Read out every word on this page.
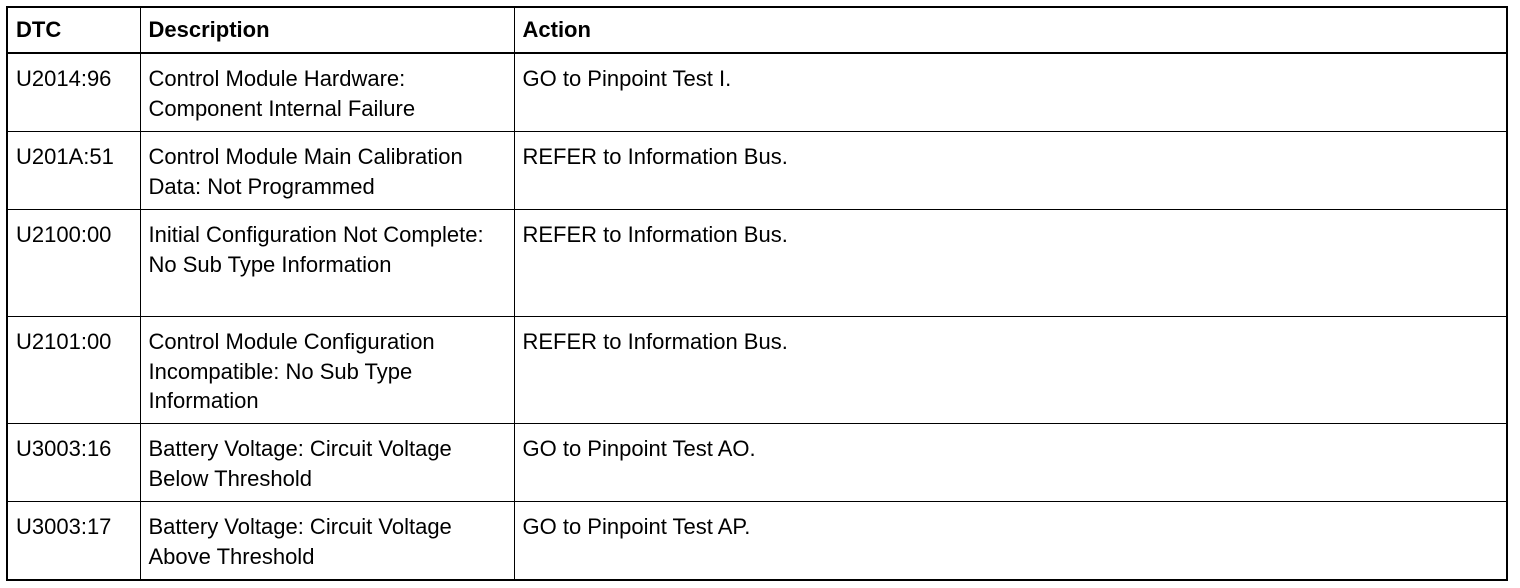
DTC	Description	Action

U2014:96	Control Module Hardware: Component Internal Failure	GO to Pinpoint Test I.

U201A:51	Control Module Main Calibration Data: Not Programmed	REFER to Information Bus.

U2100:00	Initial Configuration Not Complete: No Sub Type Information	REFER to Information Bus.

U2101:00	Control Module Configuration Incompatible: No Sub Type Information	REFER to Information Bus.

U3003:16	Battery Voltage: Circuit Voltage Below Threshold	GO to Pinpoint Test AO.

U3003:17	Battery Voltage: Circuit Voltage Above Threshold	GO to Pinpoint Test AP.
